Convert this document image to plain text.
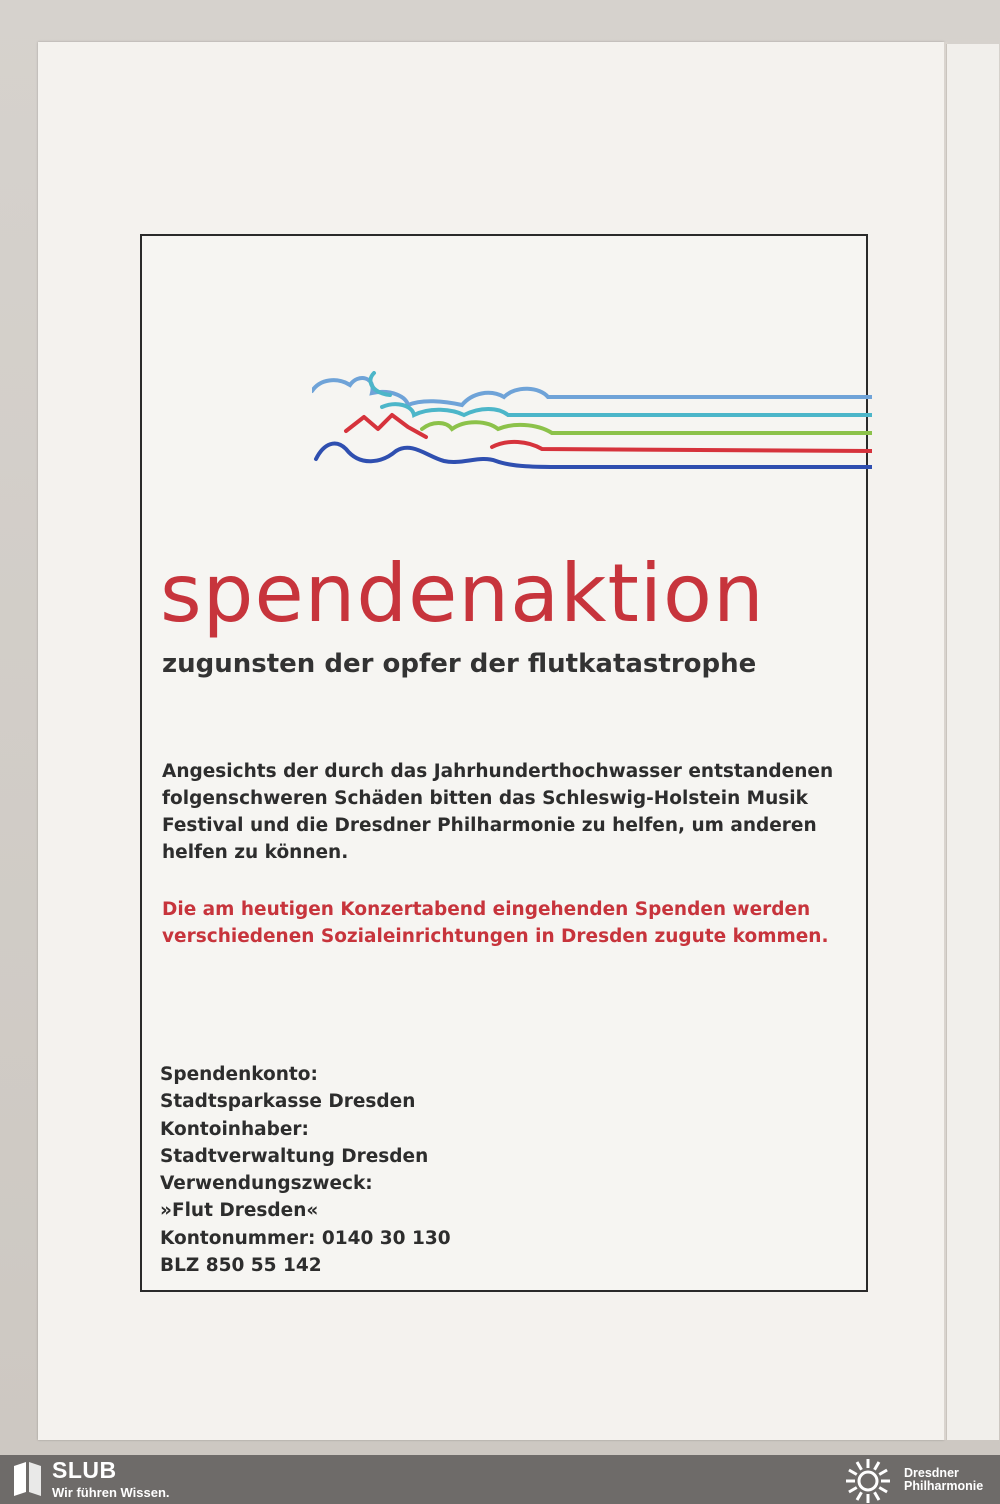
spendenaktion
zugunsten der opfer der flutkatastrophe

Angesichts der durch das Jahrhunderthochwasser entstandenen folgenschweren Schäden bitten das Schleswig-Holstein Musik Festival und die Dresdner Philharmonie zu helfen, um anderen helfen zu können.

Die am heutigen Konzertabend eingehenden Spenden werden verschiedenen Sozialeinrichtungen in Dresden zugute kommen.

Spendenkonto:
Stadtsparkasse Dresden
Kontoinhaber:
Stadtverwaltung Dresden
Verwendungszweck:
»Flut Dresden«
Kontonummer: 0140 30 130
BLZ 850 55 142
SLUB
Wir führen Wissen.
Dresdner
Philharmonie
